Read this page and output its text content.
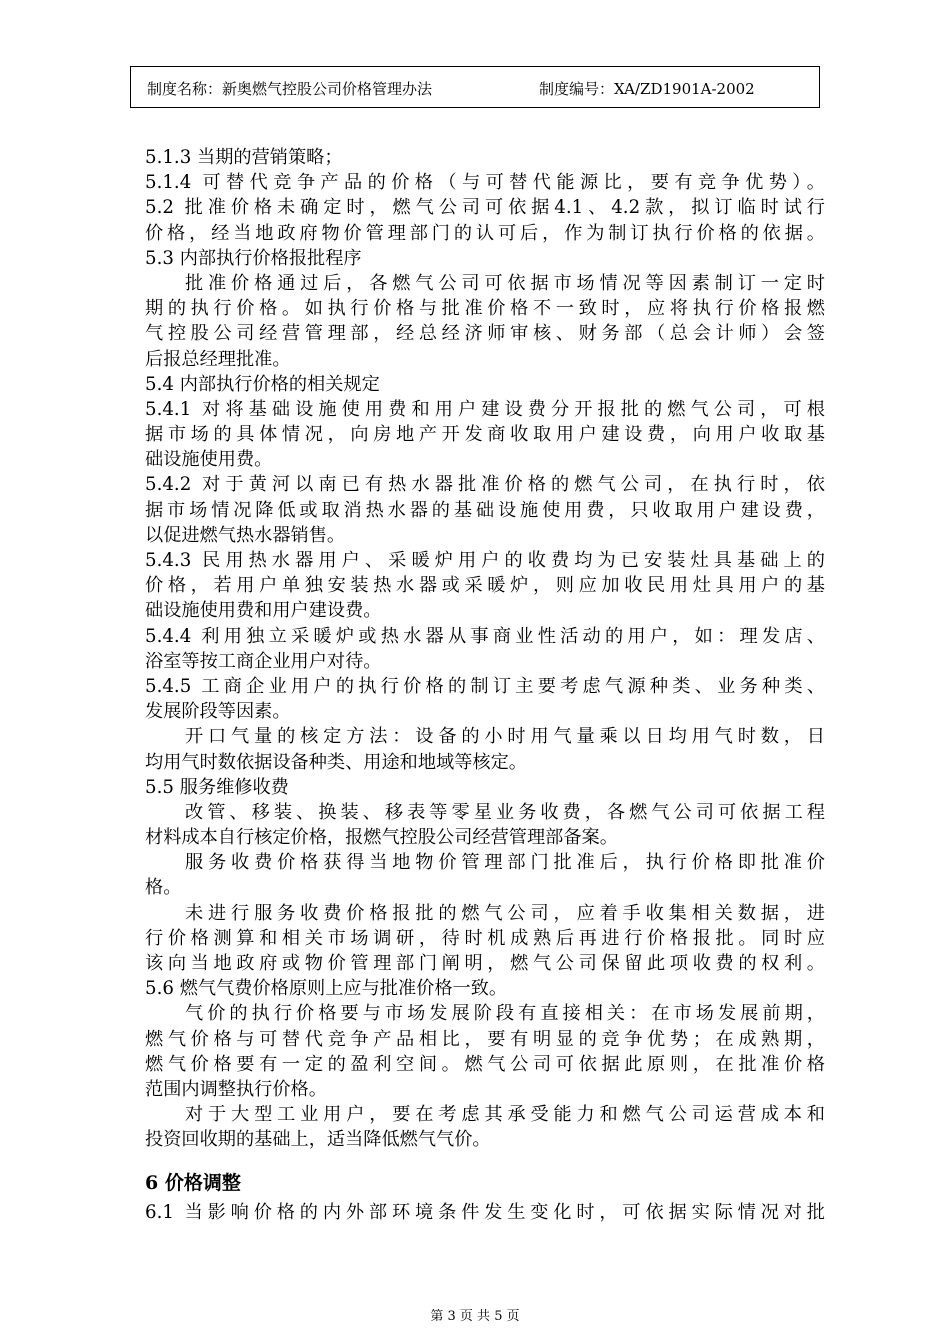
制度名称：新奥燃气控股公司价格管理办法	制度编号：XA/ZD1901A-2002
5.1.3 当期的营销策略；
5.1.4 可替代竞争产品的价格（与可替代能源比，要有竞争优势）。
5.2 批准价格未确定时，燃气公司可依据4.1、4.2款，拟订临时试行
价格，经当地政府物价管理部门的认可后，作为制订执行价格的依据。
5.3 内部执行价格报批程序
批准价格通过后，各燃气公司可依据市场情况等因素制订一定时
期的执行价格。如执行价格与批准价格不一致时，应将执行价格报燃
气控股公司经营管理部，经总经济师审核、财务部（总会计师）会签
后报总经理批准。
5.4 内部执行价格的相关规定
5.4.1 对将基础设施使用费和用户建设费分开报批的燃气公司，可根
据市场的具体情况，向房地产开发商收取用户建设费，向用户收取基
础设施使用费。
5.4.2 对于黄河以南已有热水器批准价格的燃气公司，在执行时，依
据市场情况降低或取消热水器的基础设施使用费，只收取用户建设费，
以促进燃气热水器销售。
5.4.3 民用热水器用户、采暖炉用户的收费均为已安装灶具基础上的
价格，若用户单独安装热水器或采暖炉，则应加收民用灶具用户的基
础设施使用费和用户建设费。
5.4.4 利用独立采暖炉或热水器从事商业性活动的用户，如：理发店、
浴室等按工商企业用户对待。
5.4.5 工商企业用户的执行价格的制订主要考虑气源种类、业务种类、
发展阶段等因素。
开口气量的核定方法：设备的小时用气量乘以日均用气时数，日
均用气时数依据设备种类、用途和地域等核定。
5.5 服务维修收费
改管、移装、换装、移表等零星业务收费，各燃气公司可依据工程
材料成本自行核定价格，报燃气控股公司经营管理部备案。
服务收费价格获得当地物价管理部门批准后，执行价格即批准价
格。
未进行服务收费价格报批的燃气公司，应着手收集相关数据，进
行价格测算和相关市场调研，待时机成熟后再进行价格报批。同时应
该向当地政府或物价管理部门阐明，燃气公司保留此项收费的权利。
5.6 燃气气费价格原则上应与批准价格一致。
气价的执行价格要与市场发展阶段有直接相关：在市场发展前期，
燃气价格与可替代竞争产品相比，要有明显的竞争优势；在成熟期，
燃气价格要有一定的盈利空间。燃气公司可依据此原则，在批准价格
范围内调整执行价格。
对于大型工业用户，要在考虑其承受能力和燃气公司运营成本和
投资回收期的基础上，适当降低燃气气价。
6 价格调整
6.1 当影响价格的内外部环境条件发生变化时，可依据实际情况对批
第 3 页 共 5 页
